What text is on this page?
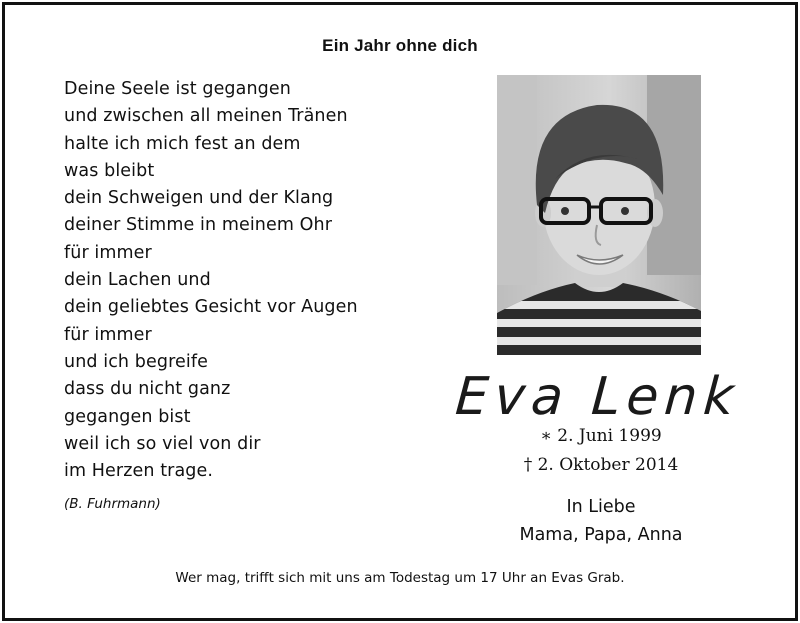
Ein Jahr ohne dich
Deine Seele ist gegangen
und zwischen all meinen Tränen
halte ich mich fest an dem
was bleibt
dein Schweigen und der Klang
deiner Stimme in meinem Ohr
für immer
dein Lachen und
dein geliebtes Gesicht vor Augen
für immer
und ich begreife
dass du nicht ganz
gegangen bist
weil ich so viel von dir
im Herzen trage.
(B. Fuhrmann)
Eva Lenk
∗ 2. Juni 1999
† 2. Oktober 2014
In Liebe
Mama, Papa, Anna
Wer mag, trifft sich mit uns am Todestag um 17 Uhr an Evas Grab.
